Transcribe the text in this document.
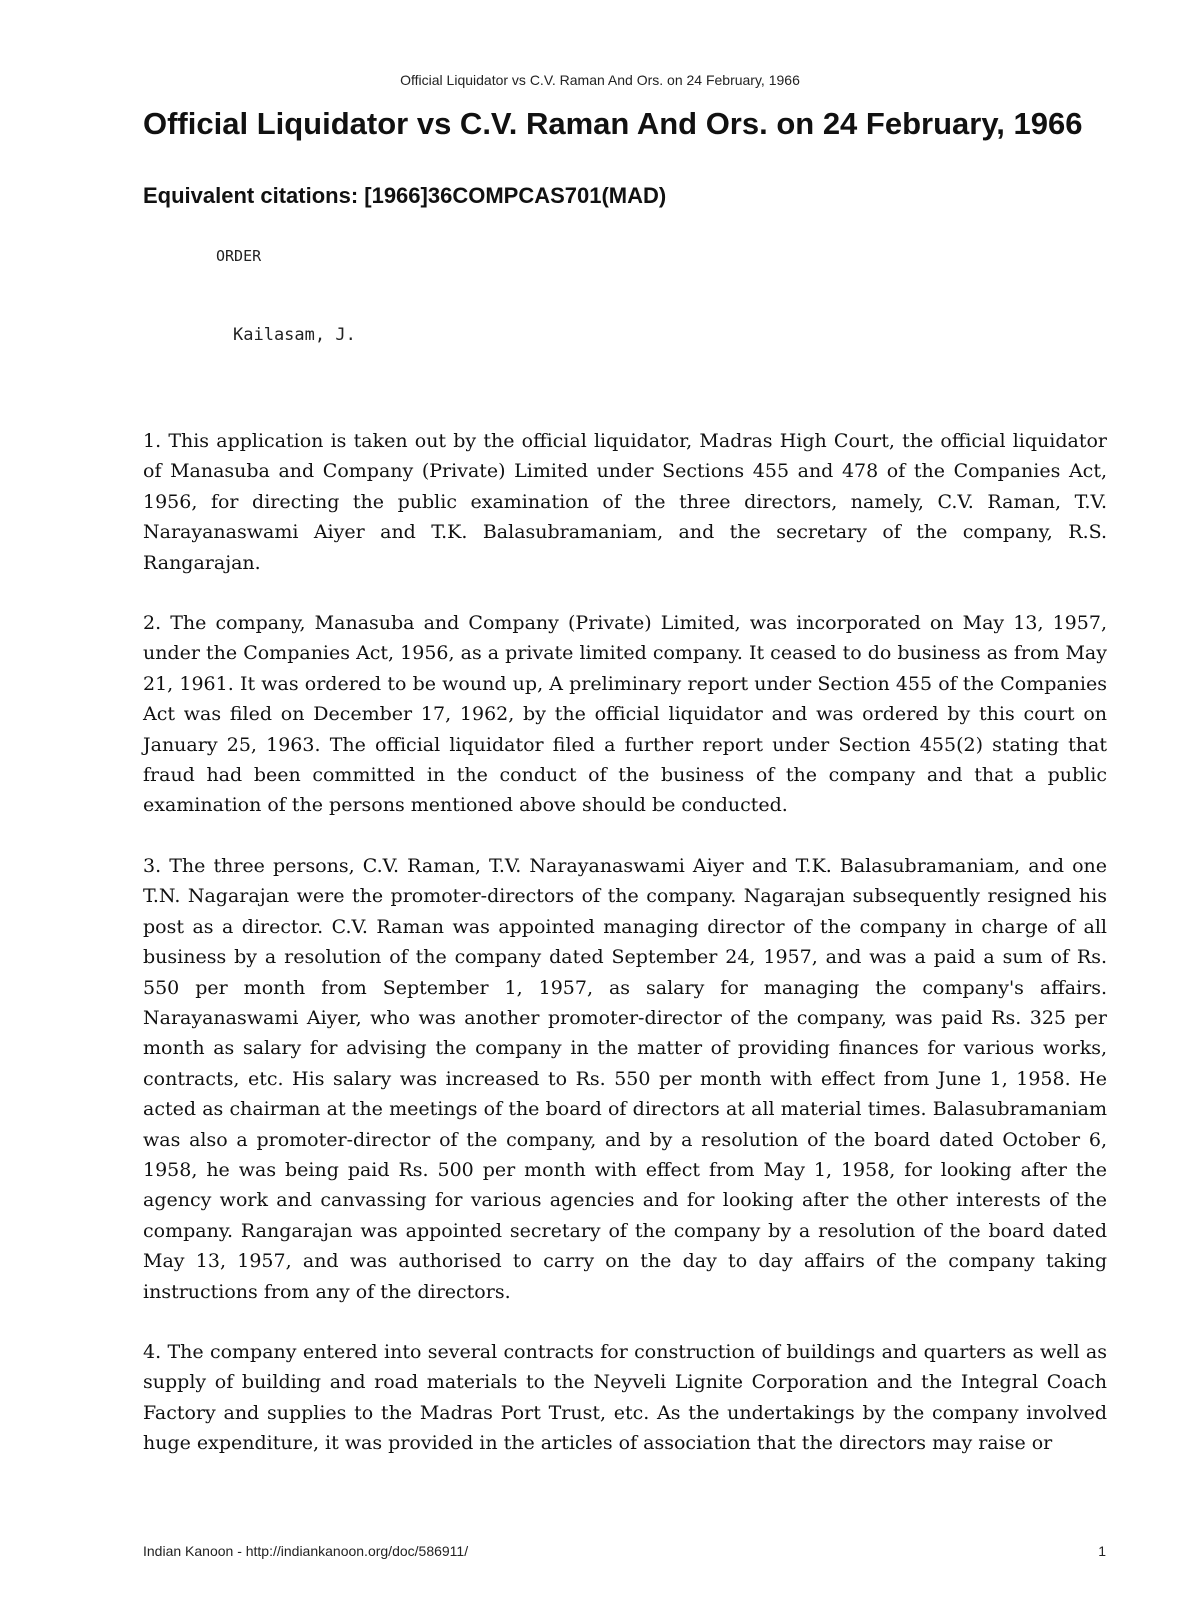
Official Liquidator vs C.V. Raman And Ors. on 24 February, 1966
Official Liquidator vs C.V. Raman And Ors. on 24 February, 1966
Equivalent citations: [1966]36COMPCAS701(MAD)
ORDER
Kailasam, J.

1. This application is taken out by the official liquidator, Madras High Court, the official liquidator of Manasuba and Company (Private) Limited under Sections 455 and 478 of the Companies Act, 1956, for directing the public examination of the three directors, namely, C.V. Raman, T.V. Narayanaswami Aiyer and T.K. Balasubramaniam, and the secretary of the company, R.S. Rangarajan.

2. The company, Manasuba and Company (Private) Limited, was incorporated on May 13, 1957, under the Companies Act, 1956, as a private limited company. It ceased to do business as from May 21, 1961. It was ordered to be wound up, A preliminary report under Section 455 of the Companies Act was filed on December 17, 1962, by the official liquidator and was ordered by this court on January 25, 1963. The official liquidator filed a further report under Section 455(2) stating that fraud had been committed in the conduct of the business of the company and that a public examination of the persons mentioned above should be conducted.

3. The three persons, C.V. Raman, T.V. Narayanaswami Aiyer and T.K. Balasubramaniam, and one T.N. Nagarajan were the promoter-directors of the company. Nagarajan subsequently resigned his post as a director. C.V. Raman was appointed managing director of the company in charge of all business by a resolution of the company dated September 24, 1957, and was a paid a sum of Rs. 550 per month from September 1, 1957, as salary for managing the company's affairs. Narayanaswami Aiyer, who was another promoter-director of the company, was paid Rs. 325 per month as salary for advising the company in the matter of providing finances for various works, contracts, etc. His salary was increased to Rs. 550 per month with effect from June 1, 1958. He acted as chairman at the meetings of the board of directors at all material times. Balasubramaniam was also a promoter-director of the company, and by a resolution of the board dated October 6, 1958, he was being paid Rs. 500 per month with effect from May 1, 1958, for looking after the agency work and canvassing for various agencies and for looking after the other interests of the company. Rangarajan was appointed secretary of the company by a resolution of the board dated May 13, 1957, and was authorised to carry on the day to day affairs of the company taking instructions from any of the directors.

4. The company entered into several contracts for construction of buildings and quarters as well as supply of building and road materials to the Neyveli Lignite Corporation and the Integral Coach Factory and supplies to the Madras Port Trust, etc. As the undertakings by the company involved huge expenditure, it was provided in the articles of association that the directors may raise or

Indian Kanoon - http://indiankanoon.org/doc/586911/	1
